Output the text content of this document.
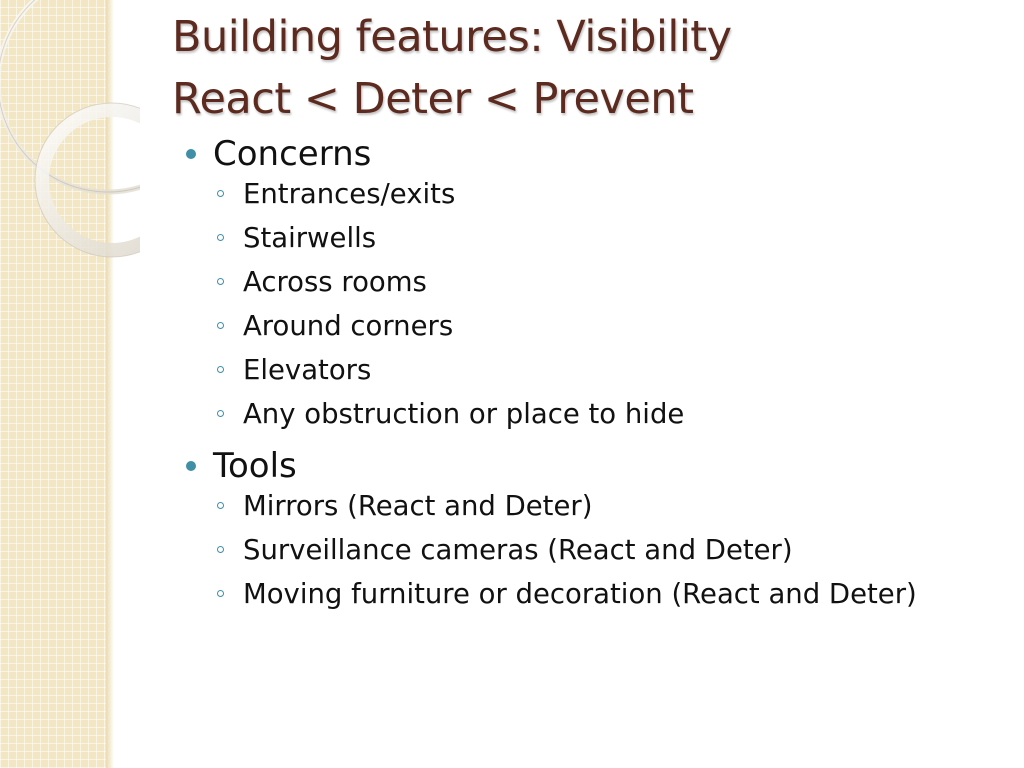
Building features: Visibility
React < Deter < Prevent
Concerns
Entrances/exits
Stairwells
Across rooms
Around corners
Elevators
Any obstruction or place to hide
Tools
Mirrors (React and Deter)
Surveillance cameras (React and Deter)
Moving furniture or decoration (React and Deter)
